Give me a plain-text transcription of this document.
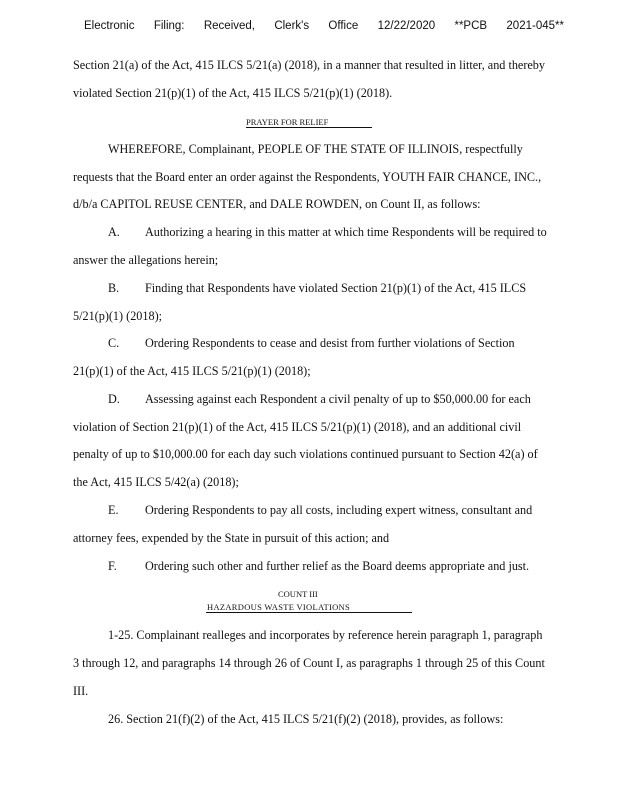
Electronic Filing: Received, Clerk's Office 12/22/2020 **PCB 2021-045**
Section 21(a) of the Act, 415 ILCS 5/21(a) (2018), in a manner that resulted in litter, and thereby
violated Section 21(p)(1) of the Act, 415 ILCS 5/21(p)(1) (2018).
PRAYER FOR RELIEF
WHEREFORE, Complainant, PEOPLE OF THE STATE OF ILLINOIS, respectfully
requests that the Board enter an order against the Respondents, YOUTH FAIR CHANCE, INC.,
d/b/a CAPITOL REUSE CENTER, and DALE ROWDEN, on Count II, as follows:
A. Authorizing a hearing in this matter at which time Respondents will be required to
answer the allegations herein;
B. Finding that Respondents have violated Section 21(p)(1) of the Act, 415 ILCS
5/21(p)(1) (2018);
C. Ordering Respondents to cease and desist from further violations of Section
21(p)(1) of the Act, 415 ILCS 5/21(p)(1) (2018);
D. Assessing against each Respondent a civil penalty of up to $50,000.00 for each
violation of Section 21(p)(1) of the Act, 415 ILCS 5/21(p)(1) (2018), and an additional civil
penalty of up to $10,000.00 for each day such violations continued pursuant to Section 42(a) of
the Act, 415 ILCS 5/42(a) (2018);
E. Ordering Respondents to pay all costs, including expert witness, consultant and
attorney fees, expended by the State in pursuit of this action; and
F. Ordering such other and further relief as the Board deems appropriate and just.
COUNT III
HAZARDOUS WASTE VIOLATIONS
1-25. Complainant realleges and incorporates by reference herein paragraph 1, paragraph
3 through 12, and paragraphs 14 through 26 of Count I, as paragraphs 1 through 25 of this Count
III.
26. Section 21(f)(2) of the Act, 415 ILCS 5/21(f)(2) (2018), provides, as follows:
